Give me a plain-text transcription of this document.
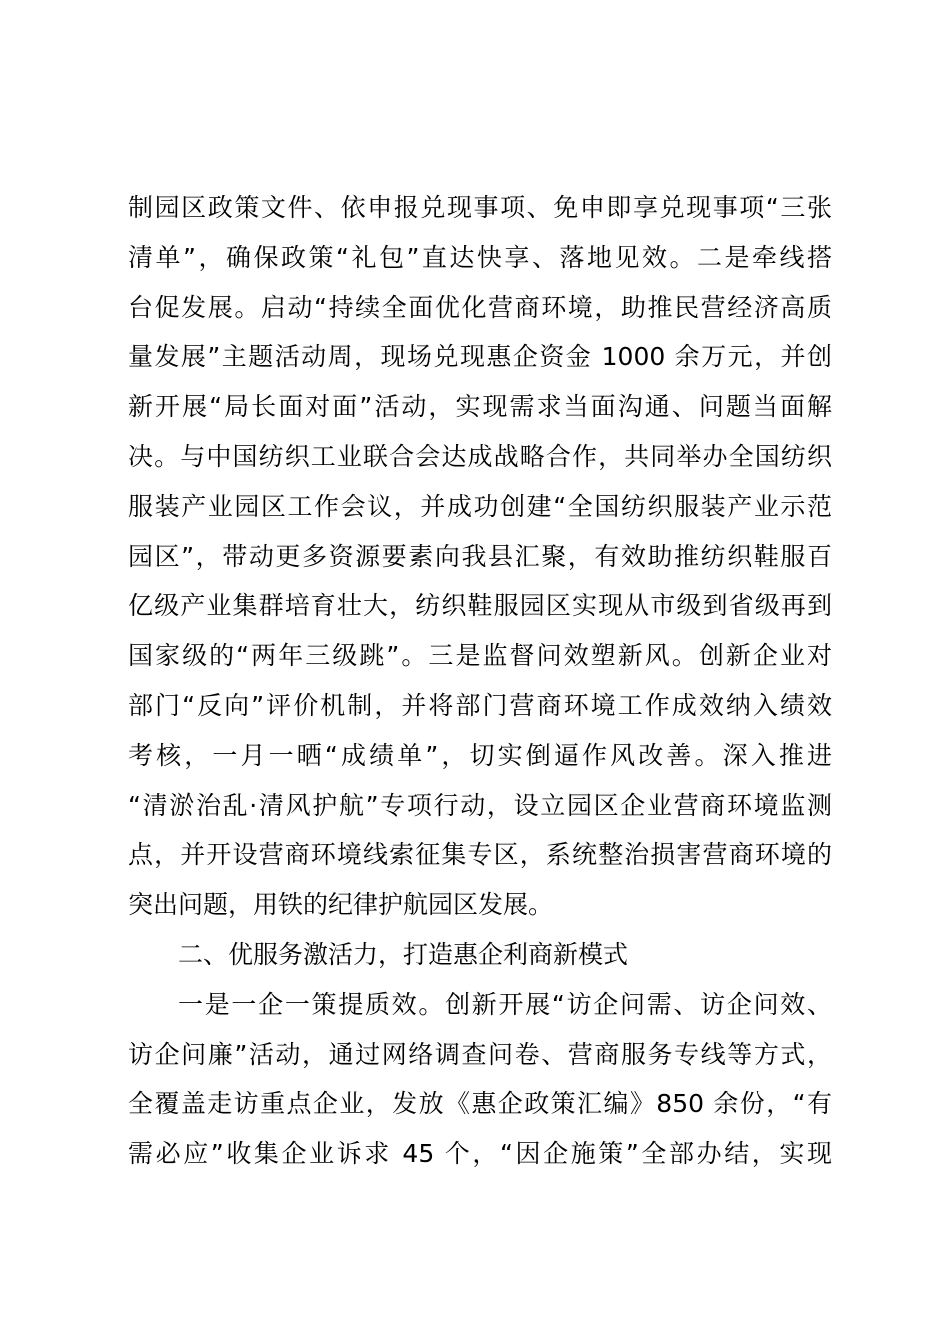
制园区政策文件、依申报兑现事项、免申即享兑现事项“三张
清单”，确保政策“礼包”直达快享、落地见效。二是牵线搭
台促发展。启动“持续全面优化营商环境，助推民营经济高质
量发展”主题活动周，现场兑现惠企资金 1000 余万元，并创
新开展“局长面对面”活动，实现需求当面沟通、问题当面解
决。与中国纺织工业联合会达成战略合作，共同举办全国纺织
服装产业园区工作会议，并成功创建“全国纺织服装产业示范
园区”，带动更多资源要素向我县汇聚，有效助推纺织鞋服百
亿级产业集群培育壮大，纺织鞋服园区实现从市级到省级再到
国家级的“两年三级跳”。三是监督问效塑新风。创新企业对
部门“反向”评价机制，并将部门营商环境工作成效纳入绩效
考核，一月一晒“成绩单”，切实倒逼作风改善。深入推进
“清淤治乱·清风护航”专项行动，设立园区企业营商环境监测
点，并开设营商环境线索征集专区，系统整治损害营商环境的
突出问题，用铁的纪律护航园区发展。
二、优服务激活力，打造惠企利商新模式
一是一企一策提质效。创新开展“访企问需、访企问效、
访企问廉”活动，通过网络调查问卷、营商服务专线等方式，
全覆盖走访重点企业，发放《惠企政策汇编》850 余份，“有
需必应”收集企业诉求 45 个，“因企施策”全部办结，实现
